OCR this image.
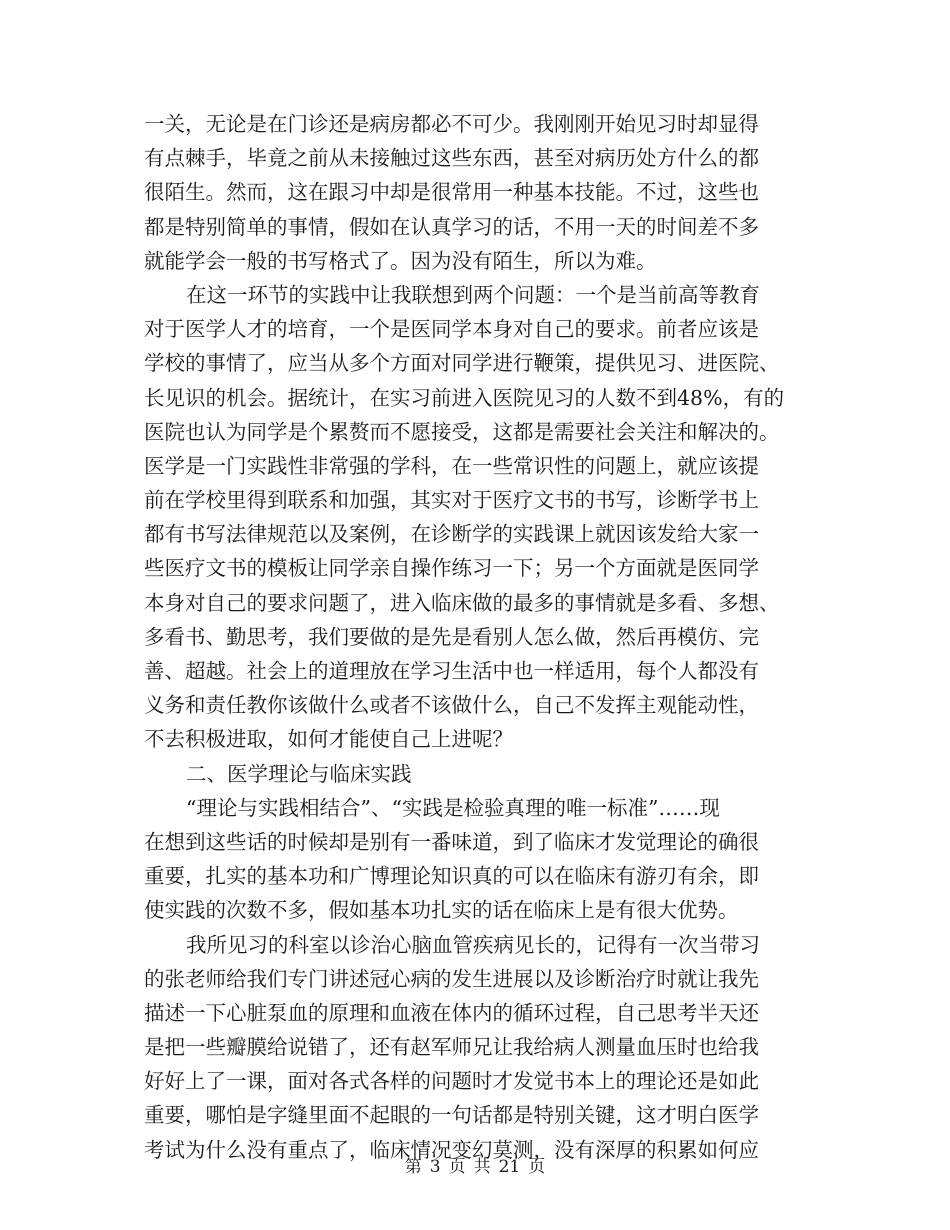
一关，无论是在门诊还是病房都必不可少。我刚刚开始见习时却显得
有点棘手，毕竟之前从未接触过这些东西，甚至对病历处方什么的都
很陌生。然而，这在跟习中却是很常用一种基本技能。不过，这些也
都是特别简单的事情，假如在认真学习的话，不用一天的时间差不多
就能学会一般的书写格式了。因为没有陌生，所以为难。
在这一环节的实践中让我联想到两个问题：一个是当前高等教育
对于医学人才的培育，一个是医同学本身对自己的要求。前者应该是
学校的事情了，应当从多个方面对同学进行鞭策，提供见习、进医院、
长见识的机会。据统计，在实习前进入医院见习的人数不到48%，有的
医院也认为同学是个累赘而不愿接受，这都是需要社会关注和解决的。
医学是一门实践性非常强的学科，在一些常识性的问题上，就应该提
前在学校里得到联系和加强，其实对于医疗文书的书写，诊断学书上
都有书写法律规范以及案例，在诊断学的实践课上就因该发给大家一
些医疗文书的模板让同学亲自操作练习一下；另一个方面就是医同学
本身对自己的要求问题了，进入临床做的最多的事情就是多看、多想、
多看书、勤思考，我们要做的是先是看别人怎么做，然后再模仿、完
善、超越。社会上的道理放在学习生活中也一样适用，每个人都没有
义务和责任教你该做什么或者不该做什么，自己不发挥主观能动性，
不去积极进取，如何才能使自己上进呢？
二、医学理论与临床实践
“理论与实践相结合”、“实践是检验真理的唯一标准”……现
在想到这些话的时候却是别有一番味道，到了临床才发觉理论的确很
重要，扎实的基本功和广博理论知识真的可以在临床有游刃有余，即
使实践的次数不多，假如基本功扎实的话在临床上是有很大优势。
我所见习的科室以诊治心脑血管疾病见长的，记得有一次当带习
的张老师给我们专门讲述冠心病的发生进展以及诊断治疗时就让我先
描述一下心脏泵血的原理和血液在体内的循环过程，自己思考半天还
是把一些瓣膜给说错了，还有赵军师兄让我给病人测量血压时也给我
好好上了一课，面对各式各样的问题时才发觉书本上的理论还是如此
重要，哪怕是字缝里面不起眼的一句话都是特别关键，这才明白医学
考试为什么没有重点了，临床情况变幻莫测，没有深厚的积累如何应
第 3 页 共 21 页
